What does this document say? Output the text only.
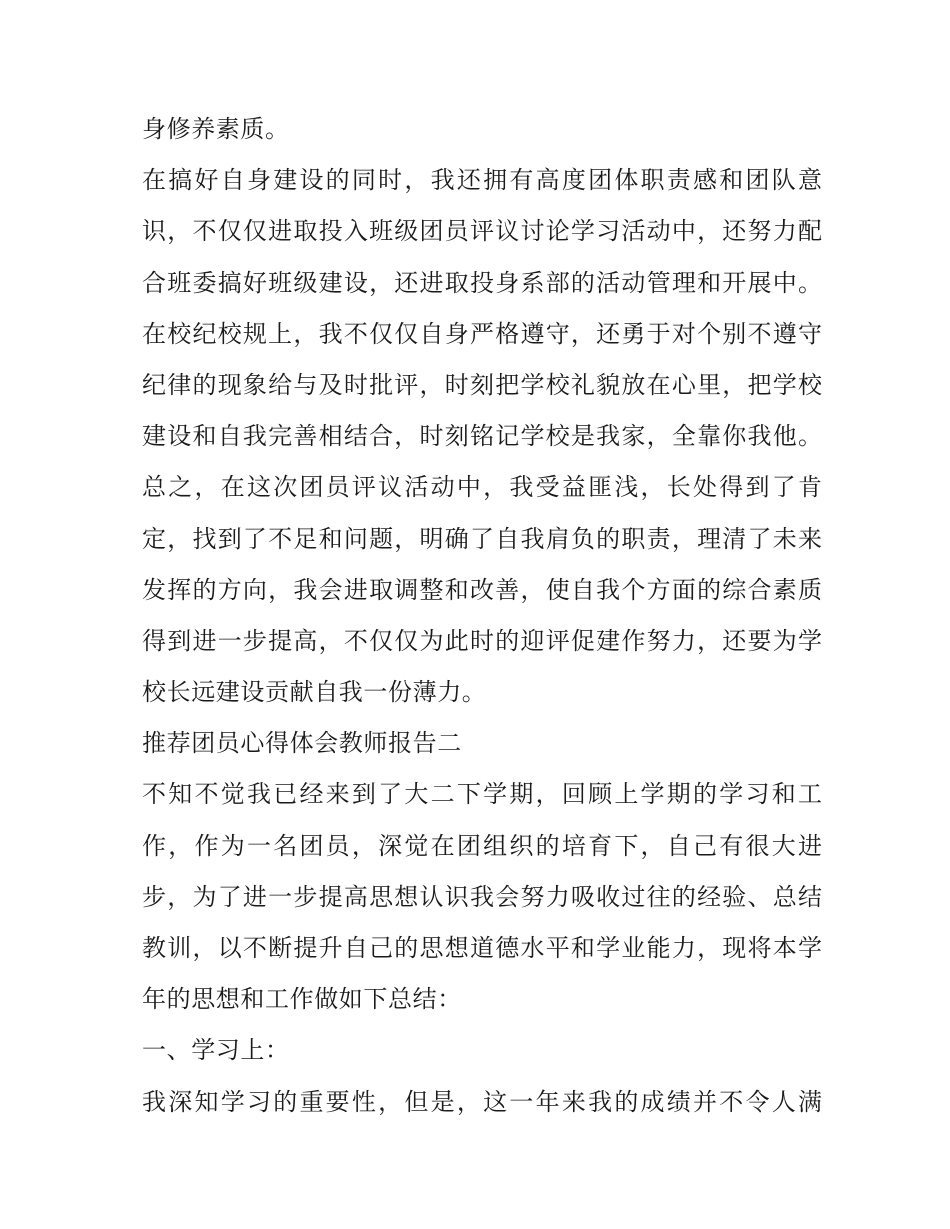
身修养素质。
在搞好自身建设的同时，我还拥有高度团体职责感和团队意
识，不仅仅进取投入班级团员评议讨论学习活动中，还努力配
合班委搞好班级建设，还进取投身系部的活动管理和开展中。
在校纪校规上，我不仅仅自身严格遵守，还勇于对个别不遵守
纪律的现象给与及时批评，时刻把学校礼貌放在心里，把学校
建设和自我完善相结合，时刻铭记学校是我家，全靠你我他。
总之，在这次团员评议活动中，我受益匪浅，长处得到了肯
定，找到了不足和问题，明确了自我肩负的职责，理清了未来
发挥的方向，我会进取调整和改善，使自我个方面的综合素质
得到进一步提高，不仅仅为此时的迎评促建作努力，还要为学
校长远建设贡献自我一份薄力。
推荐团员心得体会教师报告二
不知不觉我已经来到了大二下学期，回顾上学期的学习和工
作，作为一名团员，深觉在团组织的培育下，自己有很大进
步，为了进一步提高思想认识我会努力吸收过往的经验、总结
教训，以不断提升自己的思想道德水平和学业能力，现将本学
年的思想和工作做如下总结：
一、学习上：
我深知学习的重要性，但是，这一年来我的成绩并不令人满
